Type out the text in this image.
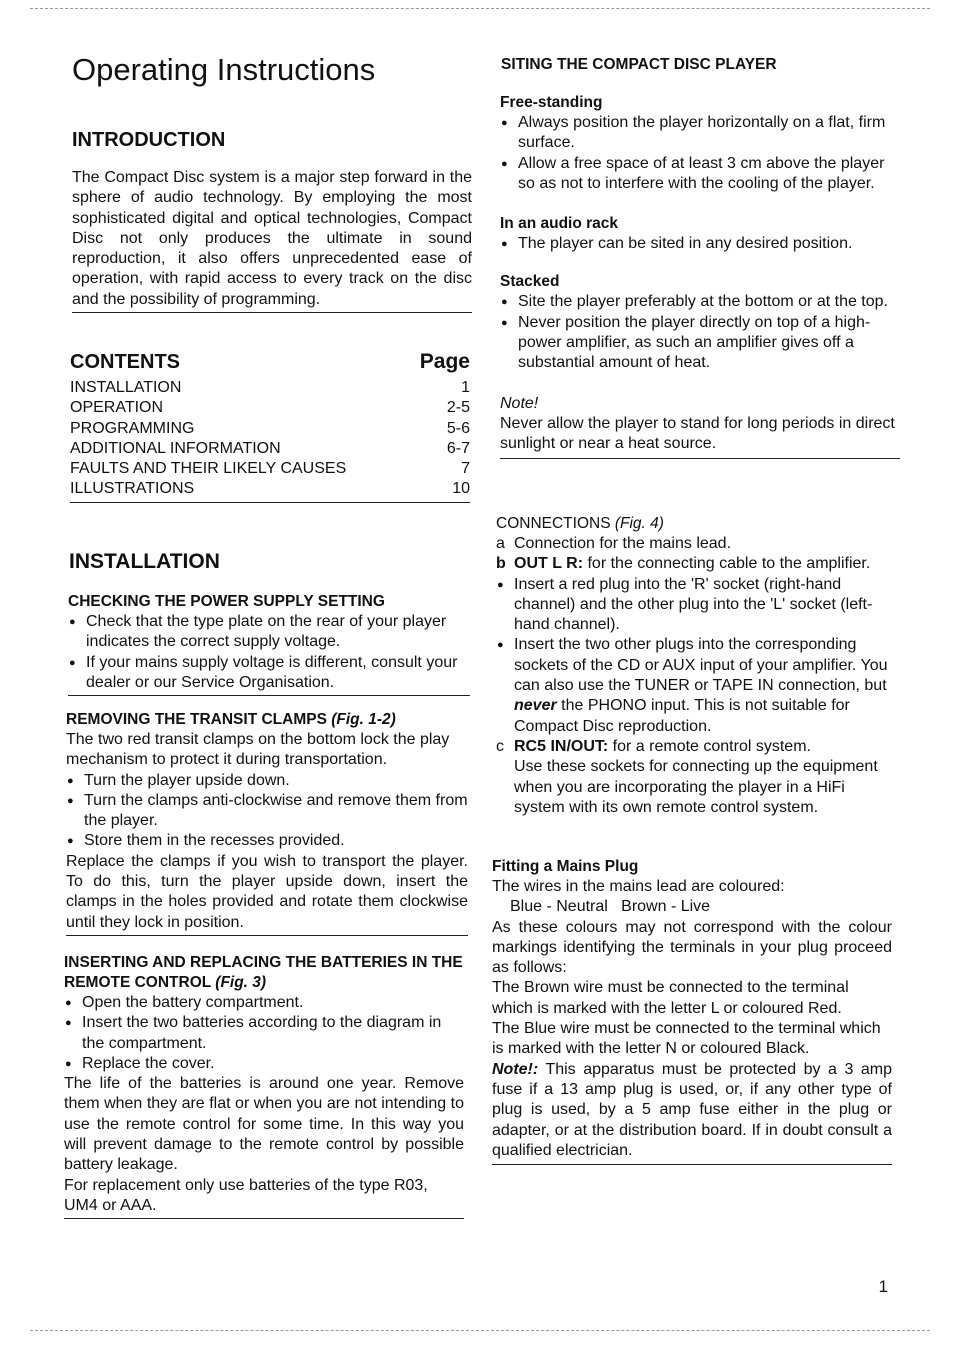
Operating Instructions
INTRODUCTION

The Compact Disc system is a major step forward in the sphere of audio technology. By employing the most sophisticated digital and optical technologies, Compact Disc not only produces the ultimate in sound reproduction, it also offers unprecedented ease of operation, with rapid access to every track on the disc and the possibility of programming.

CONTENTS	Page
INSTALLATION	1
OPERATION	2-5
PROGRAMMING	5-6
ADDITIONAL INFORMATION	6-7
FAULTS AND THEIR LIKELY CAUSES	7
ILLUSTRATIONS	10
INSTALLATION
CHECKING THE POWER SUPPLY SETTING
● Check that the type plate on the rear of your player indicates the correct supply voltage.
● If your mains supply voltage is different, consult your dealer or our Service Organisation.
REMOVING THE TRANSIT CLAMPS (Fig. 1-2)

The two red transit clamps on the bottom lock the play mechanism to protect it during transportation.

● Turn the player upside down.
● Turn the clamps anti-clockwise and remove them from the player.
● Store them in the recesses provided.

Replace the clamps if you wish to transport the player. To do this, turn the player upside down, insert the clamps in the holes provided and rotate them clockwise until they lock in position.

INSERTING AND REPLACING THE BATTERIES IN THE REMOTE CONTROL (Fig. 3)
● Open the battery compartment.
● Insert the two batteries according to the diagram in the compartment.
● Replace the cover.

The life of the batteries is around one year. Remove them when they are flat or when you are not intending to use the remote control for some time. In this way you will prevent damage to the remote control by possible battery leakage.

For replacement only use batteries of the type R03, UM4 or AAA.

SITING THE COMPACT DISC PLAYER
Free-standing
● Always position the player horizontally on a flat, firm surface.
● Allow a free space of at least 3 cm above the player so as not to interfere with the cooling of the player.
In an audio rack
● The player can be sited in any desired position.
Stacked
● Site the player preferably at the bottom or at the top.
● Never position the player directly on top of a high-power amplifier, as such an amplifier gives off a substantial amount of heat.
Note!

Never allow the player to stand for long periods in direct sunlight or near a heat source.

CONNECTIONS (Fig. 4)
a Connection for the mains lead.
b OUT L R: for the connecting cable to the amplifier.
● Insert a red plug into the 'R' socket (right-hand channel) and the other plug into the 'L' socket (left-hand channel).
● Insert the two other plugs into the corresponding sockets of the CD or AUX input of your amplifier. You can also use the TUNER or TAPE IN connection, but never the PHONO input. This is not suitable for Compact Disc reproduction.
c RC5 IN/OUT: for a remote control system.
Use these sockets for connecting up the equipment when you are incorporating the player in a HiFi system with its own remote control system.
Fitting a Mains Plug

The wires in the mains lead are coloured:

Blue - Neutral   Brown - Live

As these colours may not correspond with the colour markings identifying the terminals in your plug proceed as follows:

The Brown wire must be connected to the terminal which is marked with the letter L or coloured Red.

The Blue wire must be connected to the terminal which is marked with the letter N or coloured Black.

Note!: This apparatus must be protected by a 3 amp fuse if a 13 amp plug is used, or, if any other type of plug is used, by a 5 amp fuse either in the plug or adapter, or at the distribution board. If in doubt consult a qualified electrician.

1
